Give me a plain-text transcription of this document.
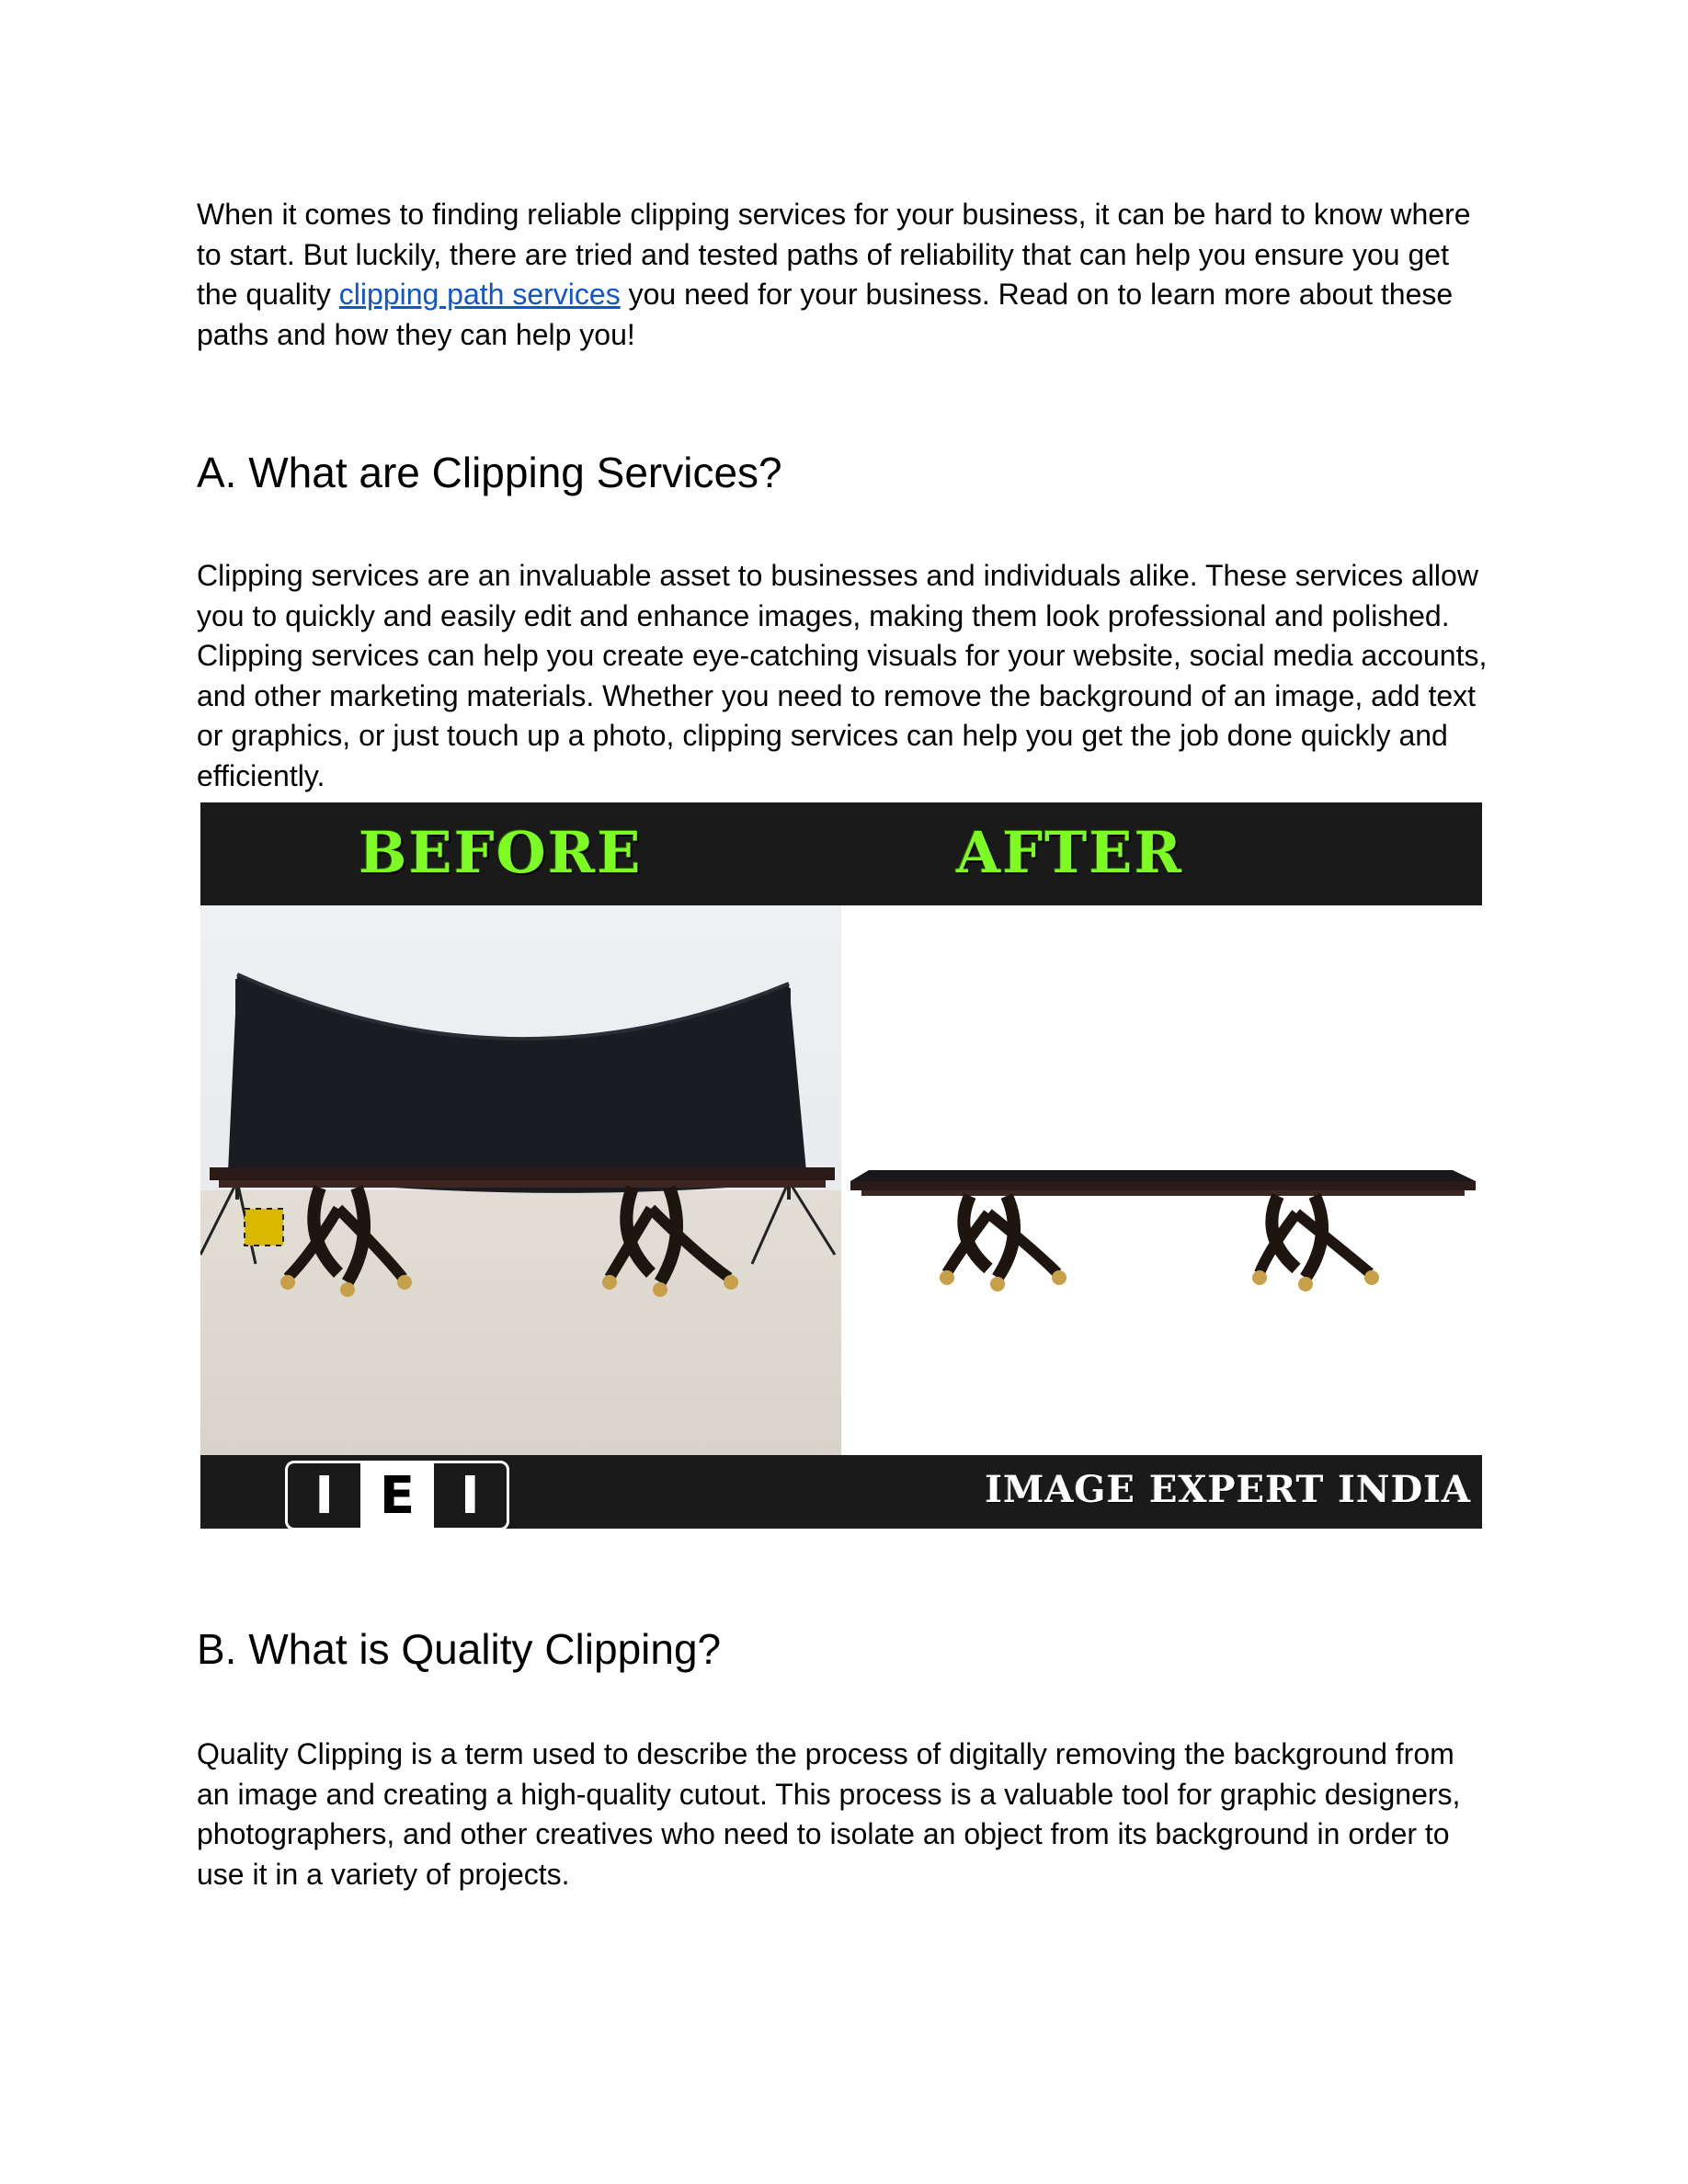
When it comes to finding reliable clipping services for your business, it can be hard to know where to start. But luckily, there are tried and tested paths of reliability that can help you ensure you get the quality clipping path services you need for your business. Read on to learn more about these paths and how they can help you!

A. What are Clipping Services?

Clipping services are an invaluable asset to businesses and individuals alike. These services allow you to quickly and easily edit and enhance images, making them look professional and polished. Clipping services can help you create eye-catching visuals for your website, social media accounts, and other marketing materials. Whether you need to remove the background of an image, add text or graphics, or just touch up a photo, clipping services can help you get the job done quickly and efficiently.

B. What is Quality Clipping?

Quality Clipping is a term used to describe the process of digitally removing the background from an image and creating a high-quality cutout. This process is a valuable tool for graphic designers, photographers, and other creatives who need to isolate an object from its background in order to use it in a variety of projects.

BEFORE	AFTER
I E I	IMAGE EXPERT INDIA
